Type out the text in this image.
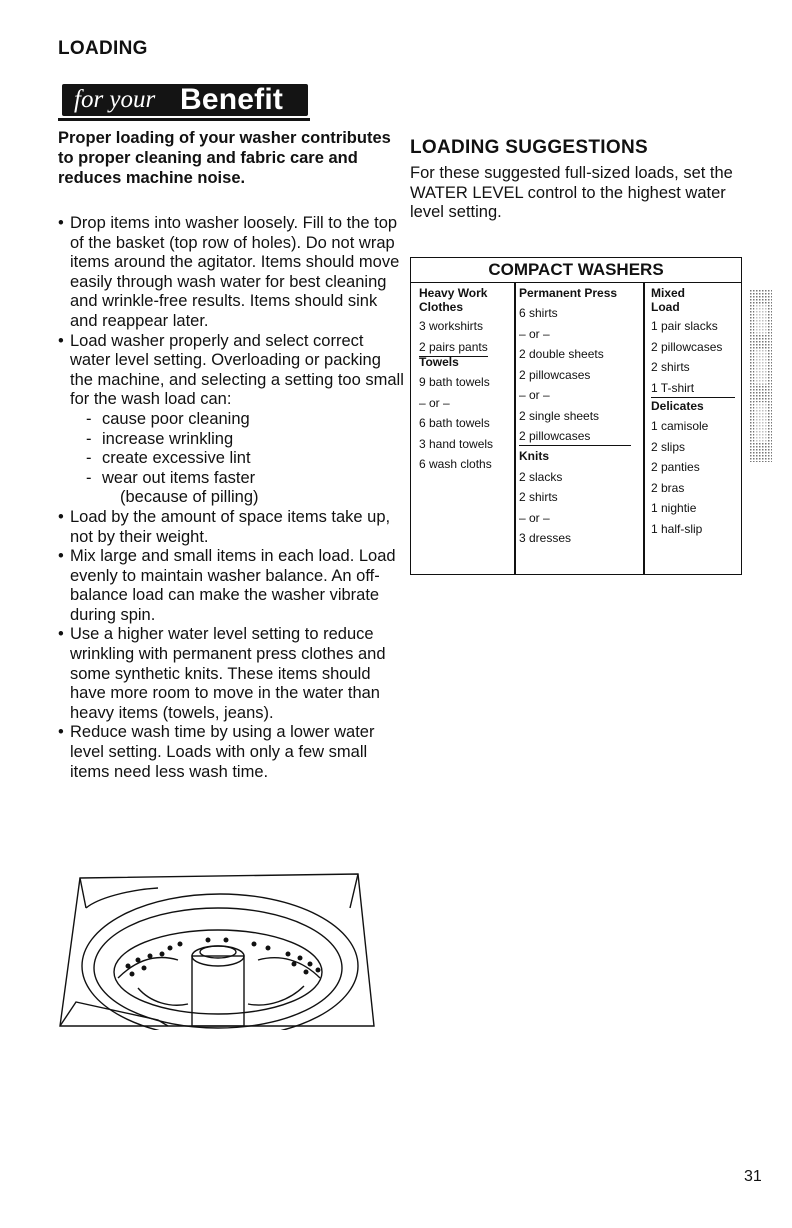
LOADING
for your Benefit
Proper loading of your washer contributes to proper cleaning and fabric care and reduces machine noise.
• Drop items into washer loosely. Fill to the top of the basket (top row of holes). Do not wrap items around the agitator. Items should move easily through wash water for best cleaning and wrinkle-free results. Items should sink and reappear later.
• Load washer properly and select correct water level setting. Overloading or packing the machine, and selecting a setting too small for the wash load can:
- cause poor cleaning
- increase wrinkling
- create excessive lint
- wear out items faster
(because of pilling)
• Load by the amount of space items take up, not by their weight.
• Mix large and small items in each load. Load evenly to maintain washer balance. An off-balance load can make the washer vibrate during spin.
• Use a higher water level setting to reduce wrinkling with permanent press clothes and some synthetic knits. These items should have more room to move in the water than heavy items (towels, jeans).
• Reduce wash time by using a lower water level setting. Loads with only a few small items need less wash time.
LOADING SUGGESTIONS
For these suggested full-sized loads, set the WATER LEVEL control to the highest water level setting.
COMPACT WASHERS
Heavy Work Clothes
3 workshirts
2 pairs pants
Towels
9 bath towels
– or –
6 bath towels
3 hand towels
6 wash cloths
Permanent Press
6 shirts
– or –
2 double sheets
2 pillowcases
– or –
2 single sheets
2 pillowcases
Knits
2 slacks
2 shirts
– or –
3 dresses
Mixed Load
1 pair slacks
2 pillowcases
2 shirts
1 T-shirt
Delicates
1 camisole
2 slips
2 panties
2 bras
1 nightie
1 half-slip
31
